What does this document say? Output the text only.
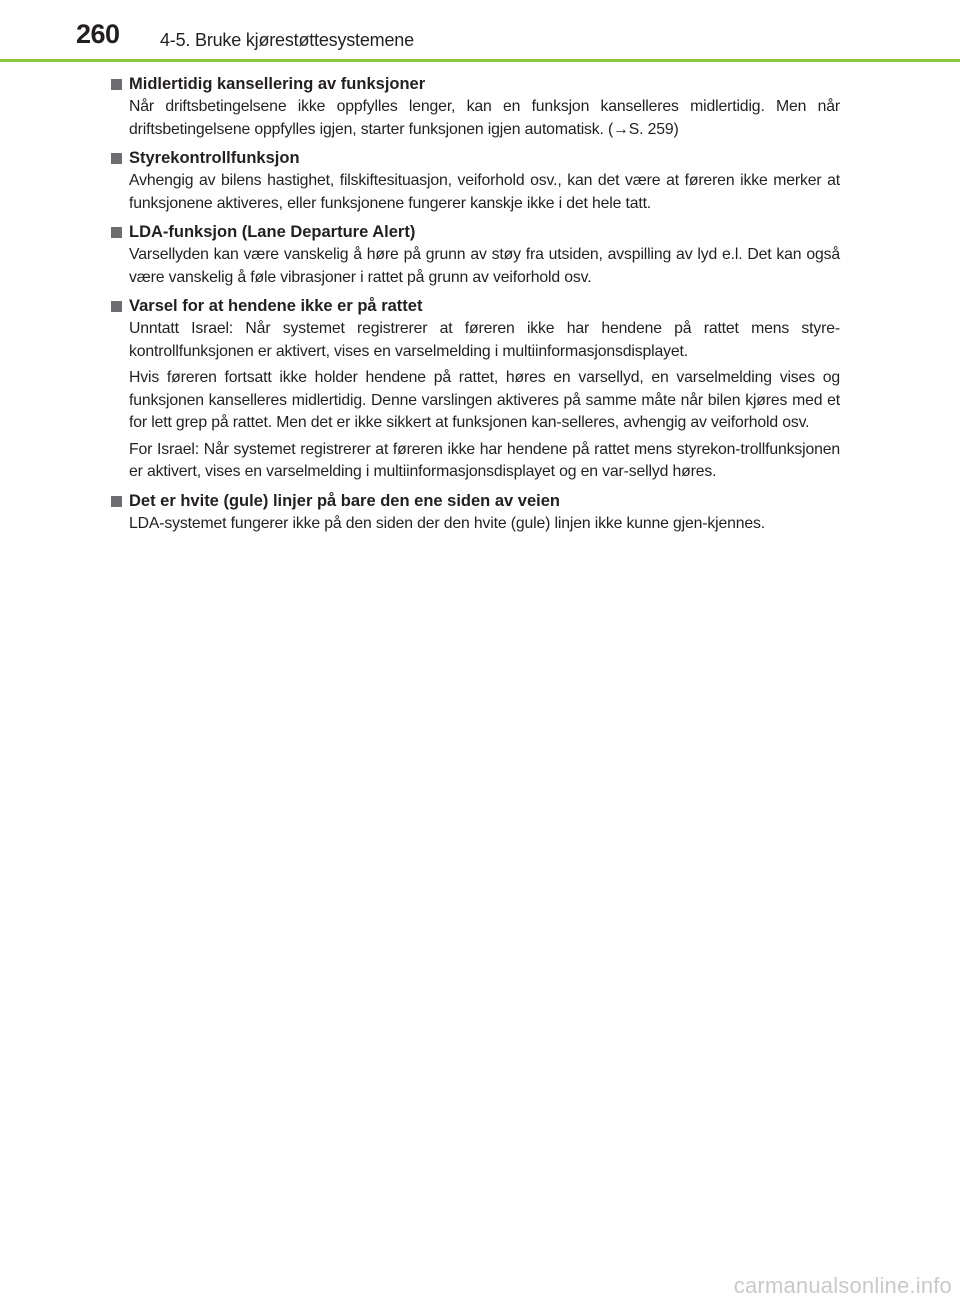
260 4-5. Bruke kjørestøttesystemene
Midlertidig kansellering av funksjoner

Når driftsbetingelsene ikke oppfylles lenger, kan en funksjon kanselleres midlertidig. Men når driftsbetingelsene oppfylles igjen, starter funksjonen igjen automatisk. (→S. 259)

Styrekontrollfunksjon

Avhengig av bilens hastighet, filskiftesituasjon, veiforhold osv., kan det være at føreren ikke merker at funksjonene aktiveres, eller funksjonene fungerer kanskje ikke i det hele tatt.

LDA-funksjon (Lane Departure Alert)

Varsellyden kan være vanskelig å høre på grunn av støy fra utsiden, avspilling av lyd e.l. Det kan også være vanskelig å føle vibrasjoner i rattet på grunn av veiforhold osv.

Varsel for at hendene ikke er på rattet

Unntatt Israel: Når systemet registrerer at føreren ikke har hendene på rattet mens styre-kontrollfunksjonen er aktivert, vises en varselmelding i multiinformasjonsdisplayet.

Hvis føreren fortsatt ikke holder hendene på rattet, høres en varsellyd, en varselmelding vises og funksjonen kanselleres midlertidig. Denne varslingen aktiveres på samme måte når bilen kjøres med et for lett grep på rattet. Men det er ikke sikkert at funksjonen kan-selleres, avhengig av veiforhold osv.

For Israel: Når systemet registrerer at føreren ikke har hendene på rattet mens styrekon-trollfunksjonen er aktivert, vises en varselmelding i multiinformasjonsdisplayet og en var-sellyd høres.

Det er hvite (gule) linjer på bare den ene siden av veien

LDA-systemet fungerer ikke på den siden der den hvite (gule) linjen ikke kunne gjen-kjennes.

carmanualsonline.info
